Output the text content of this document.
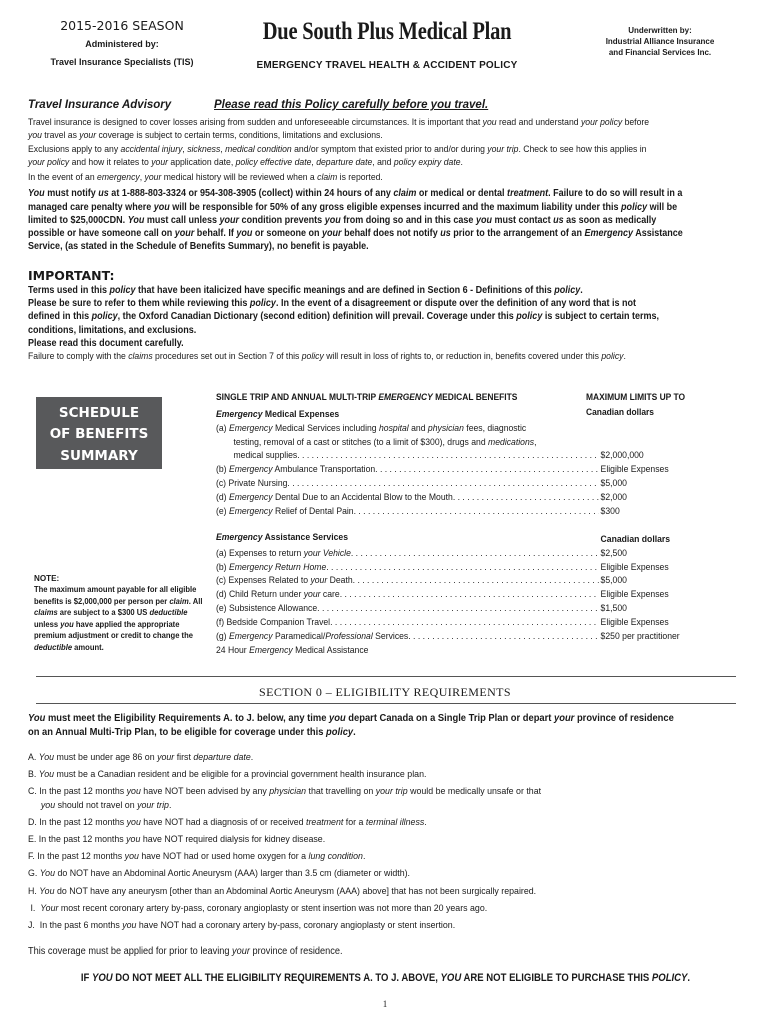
2015-2016 SEASON
Administered by:
Travel Insurance Specialists (TIS)
Due South Plus Medical Plan
EMERGENCY TRAVEL HEALTH & ACCIDENT POLICY
Underwritten by:
Industrial Alliance Insurance
and Financial Services Inc.
Travel Insurance Advisory	Please read this Policy carefully before you travel.
Travel insurance is designed to cover losses arising from sudden and unforeseeable circumstances. It is important that you read and understand your policy before
you travel as your coverage is subject to certain terms, conditions, limitations and exclusions.
Exclusions apply to any accidental injury, sickness, medical condition and/or symptom that existed prior to and/or during your trip. Check to see how this applies in
your policy and how it relates to your application date, policy effective date, departure date, and policy expiry date.
In the event of an emergency, your medical history will be reviewed when a claim is reported.
You must notify us at 1-888-803-3324 or 954-308-3905 (collect) within 24 hours of any claim or medical or dental treatment. Failure to do so will result in a
managed care penalty where you will be responsible for 50% of any gross eligible expenses incurred and the maximum liability under this policy will be
limited to $25,000CDN. You must call unless your condition prevents you from doing so and in this case you must contact us as soon as medically
possible or have someone call on your behalf. If you or someone on your behalf does not notify us prior to the arrangement of an Emergency Assistance
Service, (as stated in the Schedule of Benefits Summary), no benefit is payable.
IMPORTANT:
Terms used in this policy that have been italicized have specific meanings and are defined in Section 6 - Definitions of this policy.
Please be sure to refer to them while reviewing this policy. In the event of a disagreement or dispute over the definition of any word that is not
defined in this policy, the Oxford Canadian Dictionary (second edition) definition will prevail. Coverage under this policy is subject to certain terms,
conditions, limitations, and exclusions.
Please read this document carefully.
Failure to comply with the claims procedures set out in Section 7 of this policy will result in loss of rights to, or reduction in, benefits covered under this policy.
SCHEDULE
OF BENEFITS
SUMMARY
NOTE:
The maximum amount payable for all eligible benefits is $2,000,000 per person per claim. All claims are subject to a $300 US deductible unless you have applied the appropriate premium adjustment or credit to change the deductible amount.
SINGLE TRIP AND ANNUAL MULTI-TRIP EMERGENCY MEDICAL BENEFITS	MAXIMUM LIMITS UP TO
Canadian dollars
Emergency Medical Expenses
(a) Emergency Medical Services including hospital and physician fees, diagnostic
testing, removal of a cast or stitches (to a limit of $300), drugs and medications,
medical supplies . . .	$2,000,000
(b) Emergency Ambulance Transportation . . .	Eligible Expenses
(c) Private Nursing . . .	$5,000
(d) Emergency Dental Due to an Accidental Blow to the Mouth . . .	$2,000
(e) Emergency Relief of Dental Pain . . .	$300
Emergency Assistance Services	Canadian dollars
(a) Expenses to return your Vehicle . . .	$2,500
(b) Emergency Return Home . . .	Eligible Expenses
(c) Expenses Related to your Death . . .	$5,000
(d) Child Return under your care . . .	Eligible Expenses
(e) Subsistence Allowance . . .	$1,500
(f) Bedside Companion Travel . . .	Eligible Expenses
(g) Emergency Paramedical/Professional Services . . .	$250 per practitioner
24 Hour Emergency Medical Assistance
SECTION 0 – ELIGIBILITY REQUIREMENTS
You must meet the Eligibility Requirements A. to J. below, any time you depart Canada on a Single Trip Plan or depart your province of residence
on an Annual Multi-Trip Plan, to be eligible for coverage under this policy.
A. You must be under age 86 on your first departure date.
B. You must be a Canadian resident and be eligible for a provincial government health insurance plan.
C. In the past 12 months you have NOT been advised by any physician that travelling on your trip would be medically unsafe or that
you should not travel on your trip.
D. In the past 12 months you have NOT had a diagnosis of or received treatment for a terminal illness.
E. In the past 12 months you have NOT required dialysis for kidney disease.
F. In the past 12 months you have NOT had or used home oxygen for a lung condition.
G. You do NOT have an Abdominal Aortic Aneurysm (AAA) larger than 3.5 cm (diameter or width).
H. You do NOT have any aneurysm [other than an Abdominal Aortic Aneurysm (AAA) above] that has not been surgically repaired.
I.  Your most recent coronary artery by-pass, coronary angioplasty or stent insertion was not more than 20 years ago.
J.  In the past 6 months you have NOT had a coronary artery by-pass, coronary angioplasty or stent insertion.
This coverage must be applied for prior to leaving your province of residence.
IF YOU DO NOT MEET ALL THE ELIGIBILITY REQUIREMENTS A. TO J. ABOVE, YOU ARE NOT ELIGIBLE TO PURCHASE THIS POLICY.
1
